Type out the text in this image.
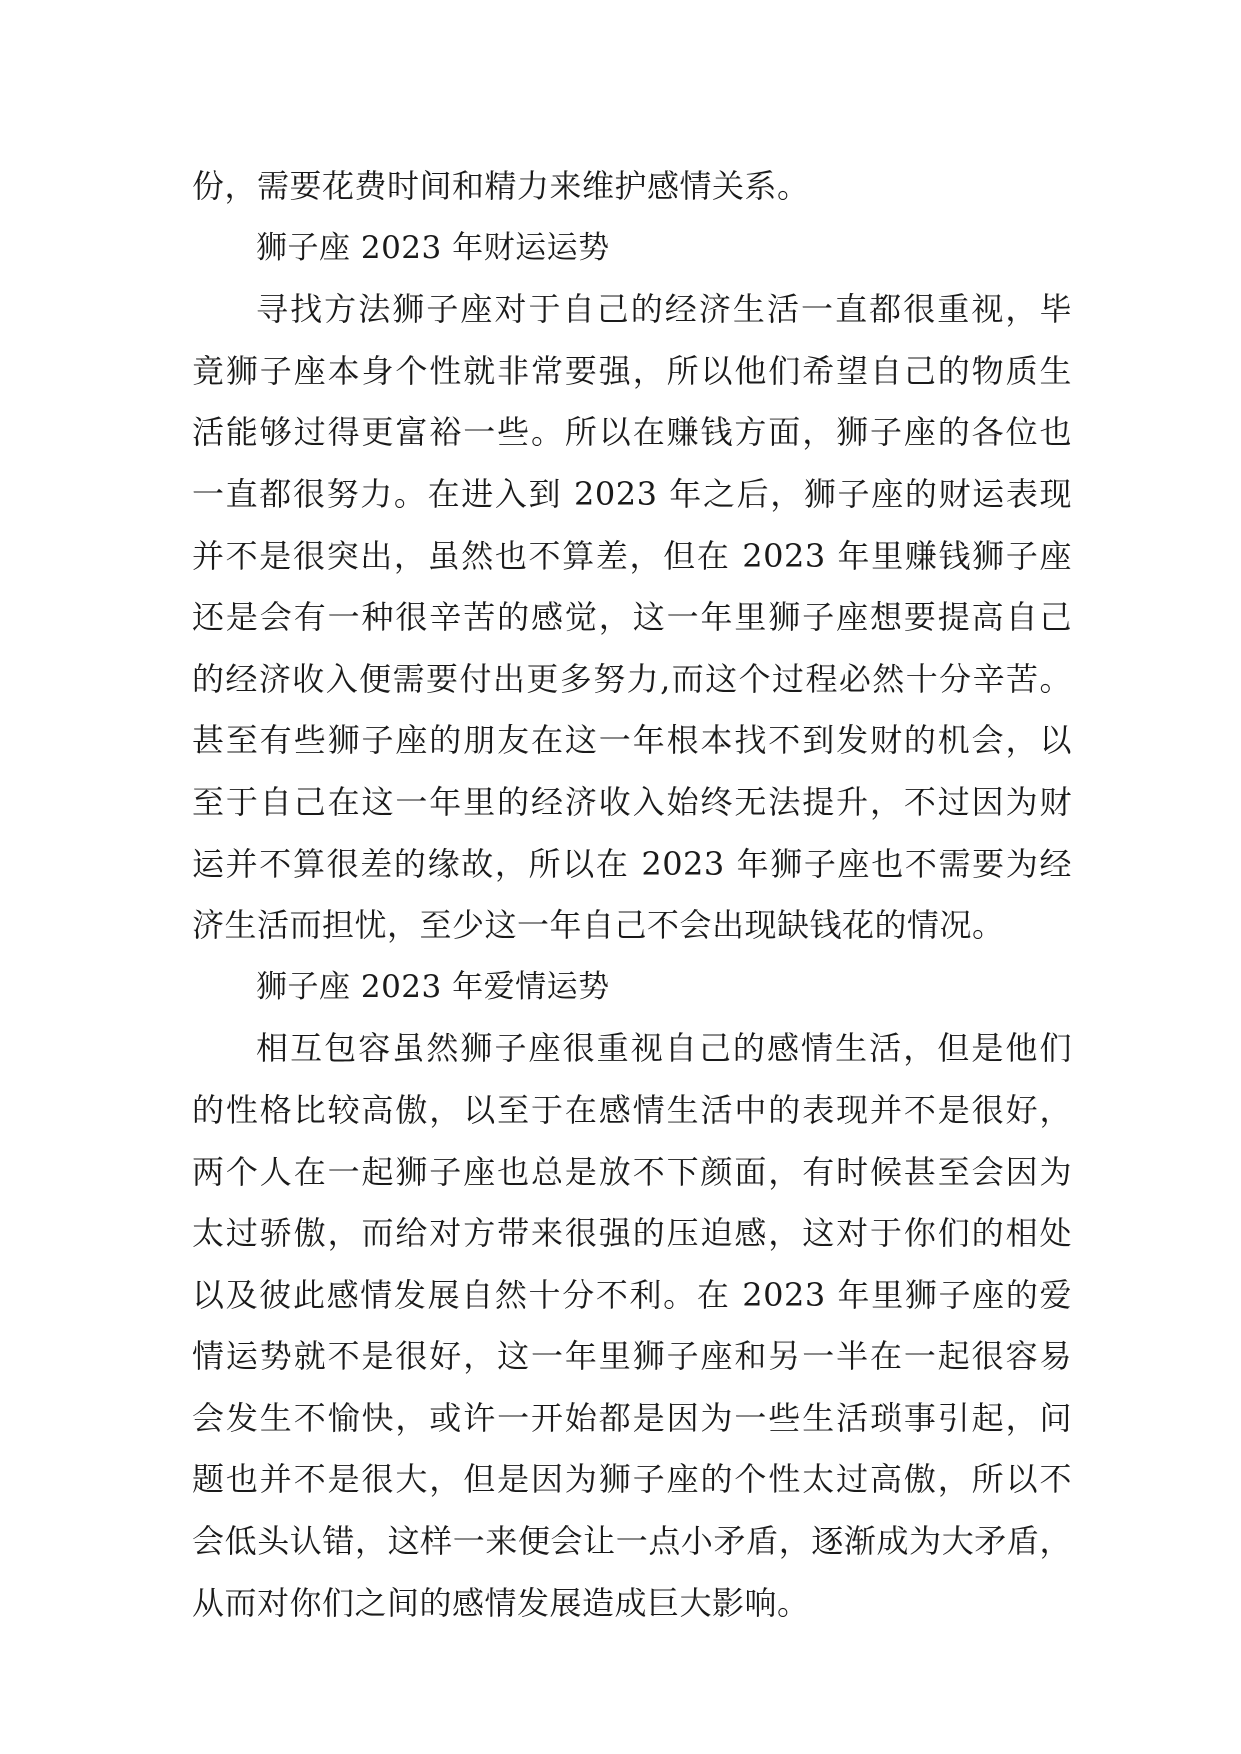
份，需要花费时间和精力来维护感情关系。
狮子座 2023 年财运运势
寻找方法狮子座对于自己的经济生活一直都很重视，毕
竟狮子座本身个性就非常要强，所以他们希望自己的物质生
活能够过得更富裕一些。所以在赚钱方面，狮子座的各位也
一直都很努力。在进入到 2023 年之后，狮子座的财运表现
并不是很突出，虽然也不算差，但在 2023 年里赚钱狮子座
还是会有一种很辛苦的感觉，这一年里狮子座想要提高自己
的经济收入便需要付出更多努力,而这个过程必然十分辛苦。
甚至有些狮子座的朋友在这一年根本找不到发财的机会，以
至于自己在这一年里的经济收入始终无法提升，不过因为财
运并不算很差的缘故，所以在 2023 年狮子座也不需要为经
济生活而担忧，至少这一年自己不会出现缺钱花的情况。
狮子座 2023 年爱情运势
相互包容虽然狮子座很重视自己的感情生活，但是他们
的性格比较高傲，以至于在感情生活中的表现并不是很好，
两个人在一起狮子座也总是放不下颜面，有时候甚至会因为
太过骄傲，而给对方带来很强的压迫感，这对于你们的相处
以及彼此感情发展自然十分不利。在 2023 年里狮子座的爱
情运势就不是很好，这一年里狮子座和另一半在一起很容易
会发生不愉快，或许一开始都是因为一些生活琐事引起，问
题也并不是很大，但是因为狮子座的个性太过高傲，所以不
会低头认错，这样一来便会让一点小矛盾，逐渐成为大矛盾，
从而对你们之间的感情发展造成巨大影响。
